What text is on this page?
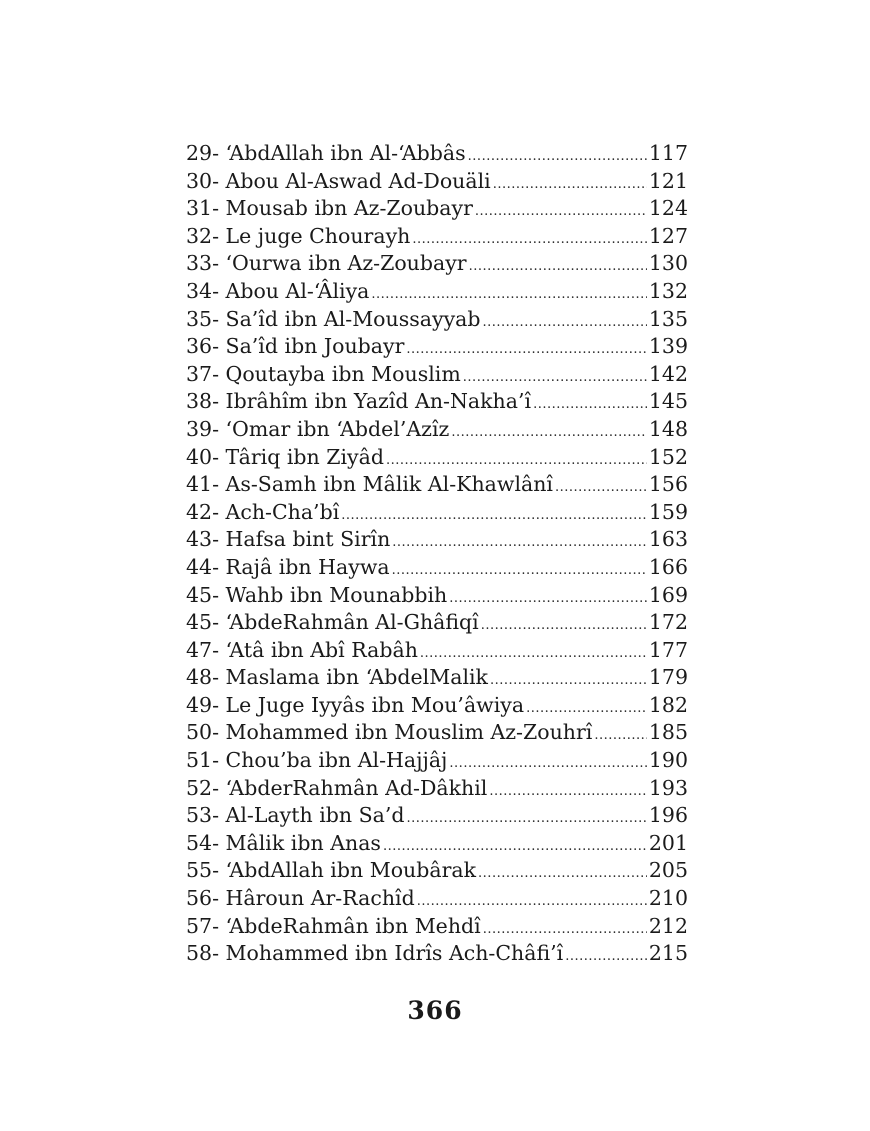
29- ‘AbdAllah ibn Al-‘Abbâs .....	117
30- Abou Al-Aswad Ad-Douäli .....	121
31- Mousab ibn Az-Zoubayr .....	124
32- Le juge Chourayh .....	127
33- ‘Ourwa ibn Az-Zoubayr .....	130
34- Abou Al-‘Âliya .....	132
35- Sa’îd ibn Al-Moussayyab .....	135
36- Sa’îd ibn Joubayr .....	139
37- Qoutayba ibn Mouslim .....	142
38- Ibrâhîm ibn Yazîd An-Nakha’î .....	145
39- ‘Omar ibn ‘Abdel’Azîz .....	148
40- Târiq ibn Ziyâd .....	152
41- As-Samh ibn Mâlik Al-Khawlânî .....	156
42- Ach-Cha’bî .....	159
43- Hafsa bint Sirîn .....	163
44- Rajâ ibn Haywa .....	166
45- Wahb ibn Mounabbih .....	169
45- ‘AbdeRahmân Al-Ghâfiqî .....	172
47- ‘Atâ ibn Abî Rabâh .....	177
48- Maslama ibn ‘AbdelMalik .....	179
49- Le Juge Iyyâs ibn Mou’âwiya .....	182
50- Mohammed ibn Mouslim Az-Zouhrî .....	185
51- Chou’ba ibn Al-Hajjâj .....	190
52- ‘AbderRahmân Ad-Dâkhil .....	193
53- Al-Layth ibn Sa’d .....	196
54- Mâlik ibn Anas .....	201
55- ‘AbdAllah ibn Moubârak .....	205
56- Hâroun Ar-Rachîd .....	210
57- ‘AbdeRahmân ibn Mehdî .....	212
58- Mohammed ibn Idrîs Ach-Châfi’î .....	215
366
